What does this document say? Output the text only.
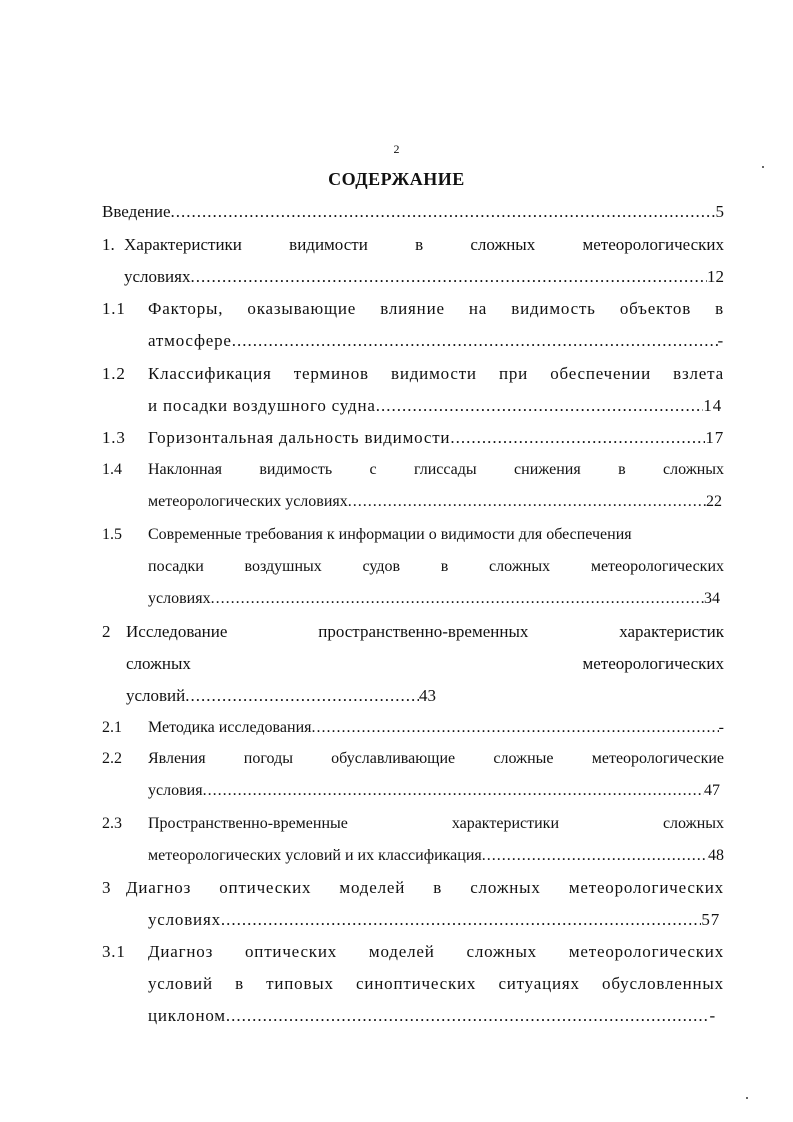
2
СОДЕРЖАНИЕ
Введение .....	5
1. Характеристики	видимости	в	сложных	метеорологических
условиях .....	12
1.1 Факторы, оказывающие влияние на видимость объектов в
атмосфере .....	-
1.2 Классификация терминов видимости при обеспечении взлета
и посадки воздушного судна .....	14
1.3 Горизонтальная дальность видимости .....	17
1.4 Наклонная видимость с глиссады снижения в сложных
метеорологических условиях .....	22
1.5 Современные требования к информации о видимости для обеспечения
посадки	воздушных	судов	в	сложных	метеорологических
условиях .....	34
2 Исследование	пространственно-временных	характеристик
сложных	метеорологических
условий .....	43
2.1 Методика исследования .....	-
2.2 Явления погоды обуславливающие сложные метеорологические
условия .....	47
2.3 Пространственно-временные	характеристики	сложных
метеорологических условий и их классификация .....	48
3 Диагноз оптических моделей в сложных метеорологических
условиях .....	57
3.1 Диагноз оптических моделей сложных метеорологических
условий в типовых синоптических ситуациях обусловленных
циклоном .....	-
